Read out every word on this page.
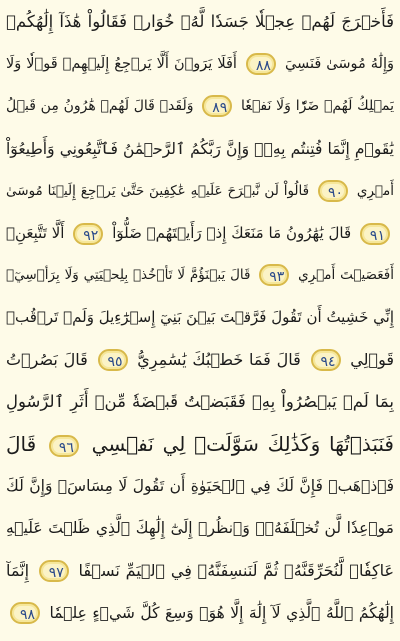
فَأَخۡرَجَ لَهُمۡ عِجۡلٗا جَسَدٗا لَّهُۥ خُوَارٞ فَقَالُواْ هَٰذَآ إِلَٰهُكُمۡ
وَإِلَٰهُ مُوسَىٰ فَنَسِيَ ٨٨ أَفَلَا يَرَوۡنَ أَلَّا يَرۡجِعُ إِلَيۡهِمۡ قَوۡلٗا وَلَا
يَمۡلِكُ لَهُمۡ ضَرّٗا وَلَا نَفۡعٗا ٨٩ وَلَقَدۡ قَالَ لَهُمۡ هَٰرُونُ مِن قَبۡلُ
يَٰقَوۡمِ إِنَّمَا فُتِنتُم بِهِۦۖ وَإِنَّ رَبَّكُمُ ٱلرَّحۡمَٰنُ فَٱتَّبِعُونِي وَأَطِيعُوٓاْ
أَمۡرِي ٩٠ قَالُواْ لَن نَّبۡرَحَ عَلَيۡهِ عَٰكِفِينَ حَتَّىٰ يَرۡجِعَ إِلَيۡنَا مُوسَىٰ
٩١ قَالَ يَٰهَٰرُونُ مَا مَنَعَكَ إِذۡ رَأَيۡتَهُمۡ ضَلُّوٓاْ ٩٢ أَلَّا تَتَّبِعَنِۖ
أَفَعَصَيۡتَ أَمۡرِي ٩٣ قَالَ يَبۡنَؤُمَّ لَا تَأۡخُذۡ بِلِحۡيَتِي وَلَا بِرَأۡسِيٓۖ
إِنِّي خَشِيتُ أَن تَقُولَ فَرَّقۡتَ بَيۡنَ بَنِيٓ إِسۡرَٰٓءِيلَ وَلَمۡ تَرۡقُبۡ
قَوۡلِي ٩٤ قَالَ فَمَا خَطۡبُكَ يَٰسَٰمِرِيُّ ٩٥ قَالَ بَصُرۡتُ
بِمَا لَمۡ يَبۡصُرُواْ بِهِۦ فَقَبَضۡتُ قَبۡضَةٗ مِّنۡ أَثَرِ ٱلرَّسُولِ
فَنَبَذۡتُهَا وَكَذَٰلِكَ سَوَّلَتۡ لِي نَفۡسِي ٩٦ قَالَ
فَٱذۡهَبۡ فَإِنَّ لَكَ فِي ٱلۡحَيَوٰةِ أَن تَقُولَ لَا مِسَاسَۖ وَإِنَّ لَكَ
مَوۡعِدٗا لَّن تُخۡلَفَهُۥۖ وَٱنظُرۡ إِلَىٰٓ إِلَٰهِكَ ٱلَّذِي ظَلۡتَ عَلَيۡهِ
عَاكِفٗاۖ لَّنُحَرِّقَنَّهُۥ ثُمَّ لَنَنسِفَنَّهُۥ فِي ٱلۡيَمِّ نَسۡفًا ٩٧ إِنَّمَآ
إِلَٰهُكُمُ ٱللَّهُ ٱلَّذِي لَآ إِلَٰهَ إِلَّا هُوَۚ وَسِعَ كُلَّ شَيۡءٍ عِلۡمٗا ٩٨
